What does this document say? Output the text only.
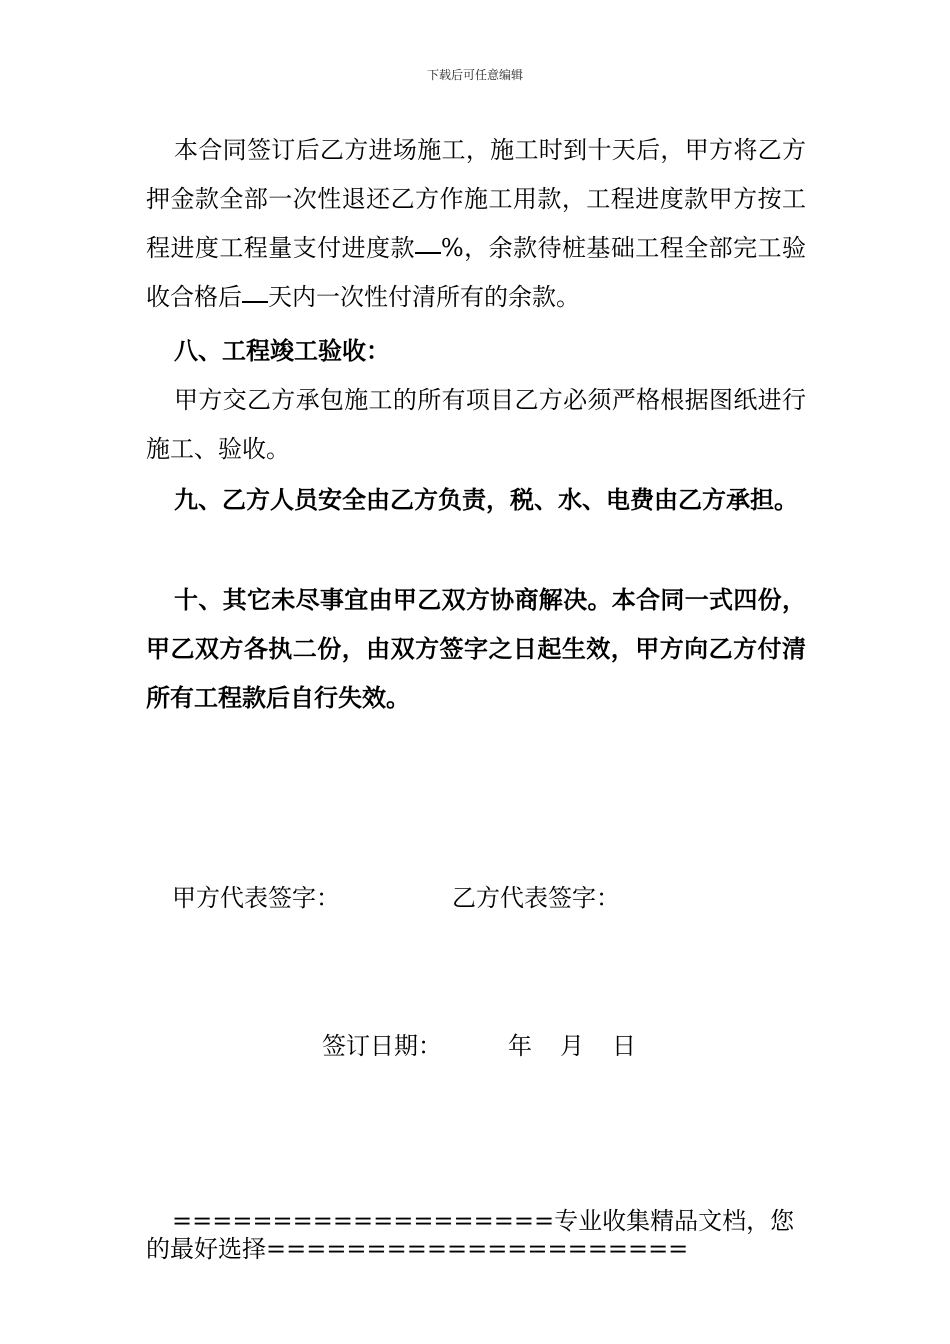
下载后可任意编辑

本合同签订后乙方进场施工，施工时到十天后，甲方将乙方押金款全部一次性退还乙方作施工用款，工程进度款甲方按工程进度工程量支付进度款 %，余款待桩基础工程全部完工验收合格后 天内一次性付清所有的余款。

八、工程竣工验收：

甲方交乙方承包施工的所有项目乙方必须严格根据图纸进行施工、验收。

九、乙方人员安全由乙方负责，税、水、电费由乙方承担。

十、其它未尽事宜由甲乙双方协商解决。本合同一式四份，甲乙双方各执二份，由双方签字之日起生效，甲方向乙方付清所有工程款后自行失效。

甲方代表签字：	乙方代表签字：
签订日期：	年 月 日

===================专业收集精品文档，您的最好选择=====================
